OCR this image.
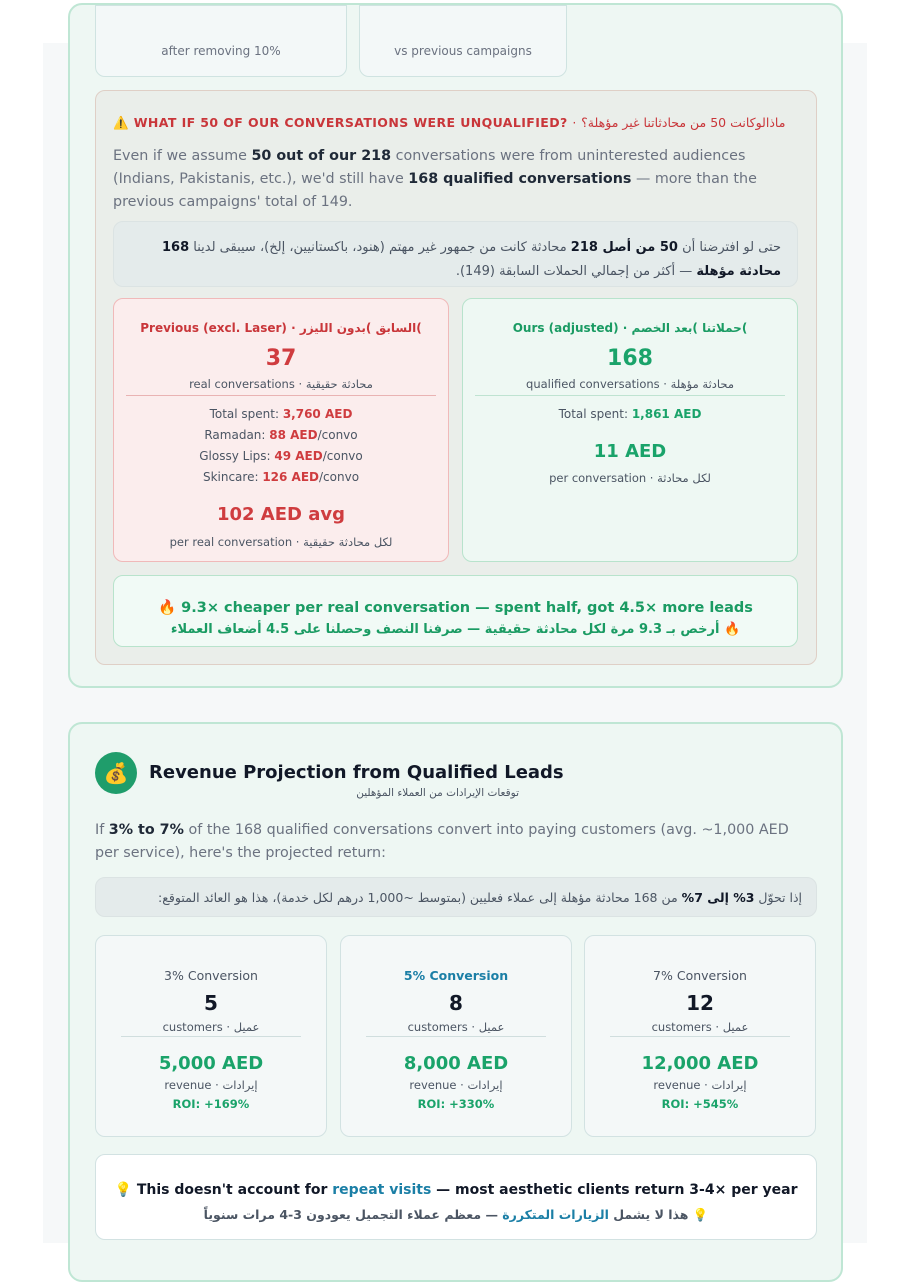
after removing 10%	vs previous campaigns
⚠️ WHAT IF 50 OF OUR CONVERSATIONS WERE UNQUALIFIED? · ماذالوكانت 50 من محادثاتنا غير مؤهلة؟
Even if we assume 50 out of our 218 conversations were from uninterested audiences (Indians, Pakistanis, etc.), we'd still have 168 qualified conversations — more than the previous campaigns' total of 149.
حتى لو افترضنا أن 50 من أصل 218 محادثة كانت من جمهور غير مهتم (هنود، باكستانيين، إلخ)، سيبقى لدينا 168 محادثة مؤهلة — أكثر من إجمالي الحملات السابقة (149).
Previous (excl. Laser) · السابق )بدون الليزر(
37
real conversations · محادثة حقيقية
Total spent: 3,760 AED
Ramadan: 88 AED/convo
Glossy Lips: 49 AED/convo
Skincare: 126 AED/convo
102 AED avg
per real conversation · لكل محادثة حقيقية
Ours (adjusted) · حملاتنا )بعد الخصم(
168
qualified conversations · محادثة مؤهلة
Total spent: 1,861 AED
11 AED
per conversation · لكل محادثة
🔥 9.3× cheaper per real conversation — spent half, got 4.5× more leads
🔥 أرخص بـ 9.3 مرة لكل محادثة حقيقية — صرفنا النصف وحصلنا على 4.5 أضعاف العملاء
💰	Revenue Projection from Qualified Leads
توقعات الإيرادات من العملاء المؤهلين
If 3% to 7% of the 168 qualified conversations convert into paying customers (avg. ~1,000 AED per service), here's the projected return:
إذا تحوّل 3% إلى 7% من 168 محادثة مؤهلة إلى عملاء فعليين (بمتوسط ~1,000 درهم لكل خدمة)، هذا هو العائد المتوقع:
3% Conversion
5
customers · عميل
5,000 AED
revenue · إيرادات
ROI: +169%
5% Conversion
8
customers · عميل
8,000 AED
revenue · إيرادات
ROI: +330%
7% Conversion
12
customers · عميل
12,000 AED
revenue · إيرادات
ROI: +545%
💡 This doesn't account for repeat visits — most aesthetic clients return 3-4× per year
💡 هذا لا يشمل الزيارات المتكررة — معظم عملاء التجميل يعودون 3-4 مرات سنوياً
